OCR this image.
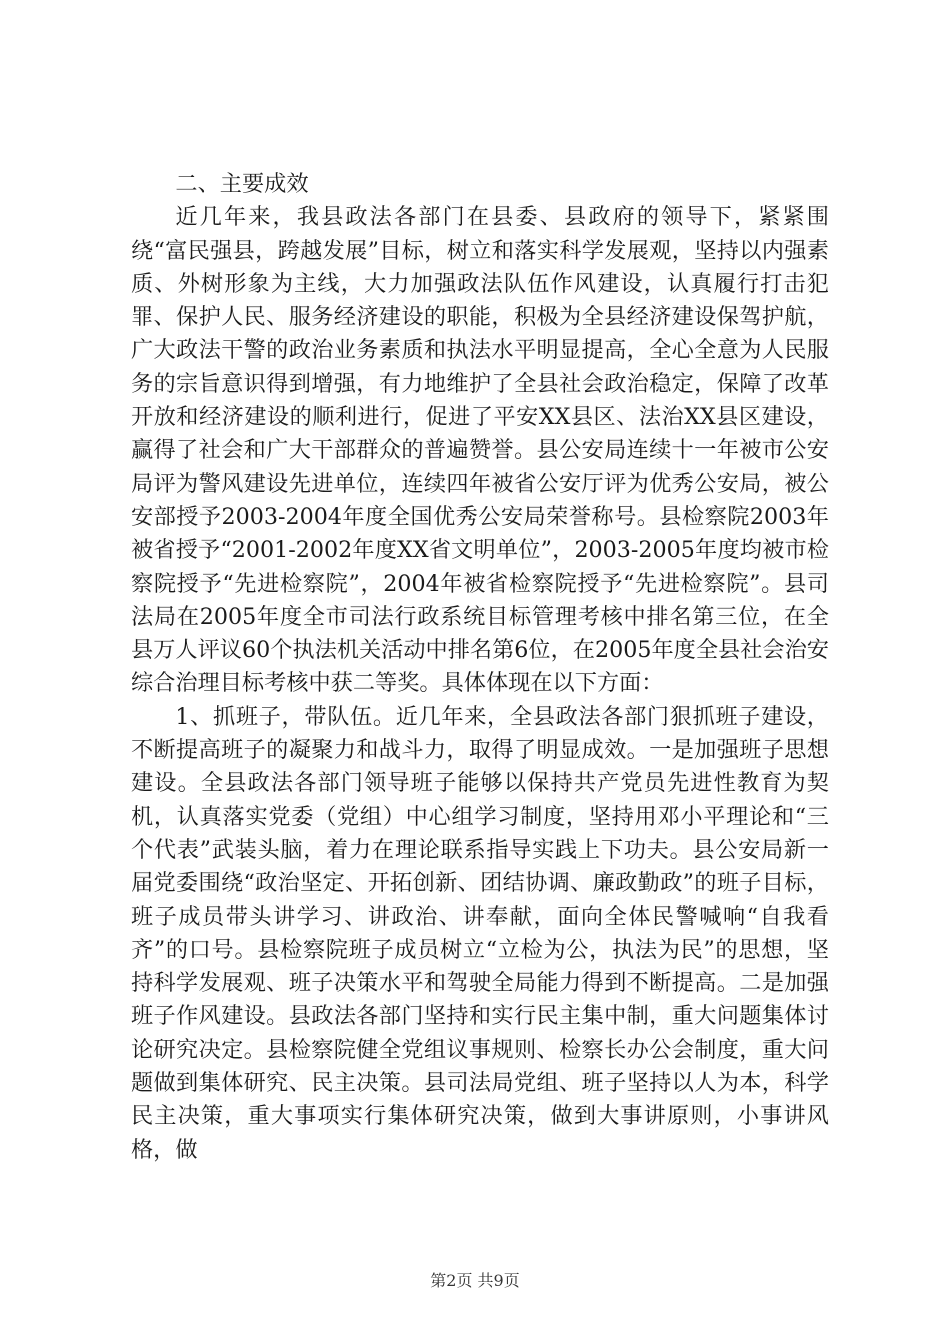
二、主要成效

近几年来，我县政法各部门在县委、县政府的领导下，紧紧围绕“富民强县，跨越发展”目标，树立和落实科学发展观，坚持以内强素质、外树形象为主线，大力加强政法队伍作风建设，认真履行打击犯罪、保护人民、服务经济建设的职能，积极为全县经济建设保驾护航，广大政法干警的政治业务素质和执法水平明显提高，全心全意为人民服务的宗旨意识得到增强，有力地维护了全县社会政治稳定，保障了改革开放和经济建设的顺利进行，促进了平安XX县区、法治XX县区建设，赢得了社会和广大干部群众的普遍赞誉。县公安局连续十一年被市公安局评为警风建设先进单位，连续四年被省公安厅评为优秀公安局，被公安部授予2003-2004年度全国优秀公安局荣誉称号。县检察院2003年被省授予“2001-2002年度XX省文明单位”，2003-2005年度均被市检察院授予“先进检察院”，2004年被省检察院授予“先进检察院”。县司法局在2005年度全市司法行政系统目标管理考核中排名第三位，在全县万人评议60个执法机关活动中排名第6位，在2005年度全县社会治安综合治理目标考核中获二等奖。具体体现在以下方面：

1、抓班子，带队伍。近几年来，全县政法各部门狠抓班子建设，不断提高班子的凝聚力和战斗力，取得了明显成效。一是加强班子思想建设。全县政法各部门领导班子能够以保持共产党员先进性教育为契机，认真落实党委（党组）中心组学习制度，坚持用邓小平理论和“三个代表”武装头脑，着力在理论联系指导实践上下功夫。县公安局新一届党委围绕“政治坚定、开拓创新、团结协调、廉政勤政”的班子目标，班子成员带头讲学习、讲政治、讲奉献，面向全体民警喊响“自我看齐”的口号。县检察院班子成员树立“立检为公，执法为民”的思想，坚持科学发展观、班子决策水平和驾驶全局能力得到不断提高。二是加强班子作风建设。县政法各部门坚持和实行民主集中制，重大问题集体讨论研究决定。县检察院健全党组议事规则、检察长办公会制度，重大问题做到集体研究、民主决策。县司法局党组、班子坚持以人为本，科学民主决策，重大事项实行集体研究决策，做到大事讲原则，小事讲风格，做

第2页 共9页
